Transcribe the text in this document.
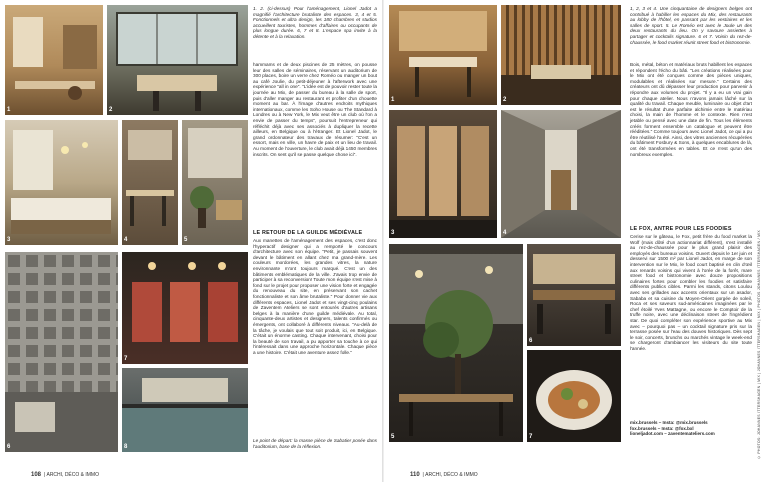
1	2
1. 2. (ci-dessus) Pour l'aménagement, Lionel Jadot a magnifié l'architecture brutaliste des espaces. 3, 4 et 5. Fonctionnels et ultra design, les 180 chambres et studios accueillent touristes, hommes d'affaires ou occupants de plus longue durée. 6, 7 et 8. L'espace spa invite à la détente et à la relaxation.
hammams et de deux piscines de 25 mètres, on pousse leur des salles de séminaires, réservant un auditorium de 300 places, boire un verre chez Roméo ou manger un bout au café Joulie, du petit-déjeuner à l'afterwork avec une expérience "all in one". "L'idée est de pouvoir rester toute la journée au Mix, de passer du bureau à la salle de sport, puis d'aller manger au restaurant et profiter d'un chouette moment au bar. À l'image d'autres endroits mythiques internationaux, comme les Soho House ou The Standard à Londres ou à New York, le Mix veut être un club où l'on a envie de passer du temps", poursuit l'entrepreneur qui réfléchit déjà avec ses associés à dupliquer la recette ailleurs, en Belgique ou à l'étranger. Et Lionel Jadot, le grand ordonnateur des travaux de résumer: "C'est un essort, mais en ville, un havre de paix et un lieu de travail. Au moment de l'ouverture, le club avait déjà 1450 membres inscrits. On sent qu'il se passe quelque chose ici".
3	4	5
6
7
8
LE RETOUR DE LA GUILDE MÉDIÉVALE
Aux manettes de l'aménagement des espaces, c'est donc l'hyperactif designer qui a remporté le concours d'architecture avec son équipe. "Petit, je passais souvent devant le bâtiment en allant chez ma grand-mère. Les couleurs mordorées, les grandes vitres, la nature environnante m'ont toujours marqué. C'est un des bâtiments emblématiques de la ville. J'avais trop envie de participer à sa reconversion! Toute mon équipe s'est mise à fond sur le projet pour proposer une vision forte et engagée du renouveau du site, en préservant son cachet fonctionnaliste et son âme brutaliste." Pour donner vie aux différents espaces, Lionel Jadot et ses vingt-cinq poulains de Zaventem Ateliers se sont entourés d'autres artisans belges à la manière d'une guilde médiévale. Au total, cinquante-deux artistes et designers, talents confirmés ou émergents, ont collaboré à différents niveaux. "Au-delà de la tâche, je voulais que tout soit produit, ici, en Belgique. C'était un énorme casting. Chaque intervenant, choisi pour la beauté de son travail, a pu apporter sa touche à ce qui l'intéressait dans une approche horizontale. Chaque pièce a une histoire. C'était une aventure assez folle."
Le point de départ: la masse pièce de Sabatier posée dans l'auditorium, base de la réflexion.
108  | ARCHI, DÉCO & IMMO
1	2
1, 2, 3 et 4. Une cinquantaine de designers belges ont contribué à habiller les espaces du Mix, des restaurants au lobby de l'hôtel, en passant par les vestiaires et les salles de sport. 5. Le Roméo est avec le Joule un des deux restaurants du lieu. On y savoure assiettes à partager et cocktails signature. 6 et 7. Voisin du rez-de-chaussée, le food market réunit street food et bistronomie.
3	4
Bois, métal, béton et matériaux bruts habillent les espaces et répondent l'écho du bâti. "Les créations réalisées pour le Mix ont été conçues comme des pièces uniques, modulables et réalisées sur mesure." Certains des créateurs ont dû dépasser leur production pour parvenir à répondre aux volumes du projet. "Il y a eu un vrai gain pour chaque atelier. Nous n'avons jamais lâché sur la qualité du travail. Chaque meuble, luminaire ou objet d'art est le résultat d'une parfaite alchimie entre le matériau choisi, la main de l'homme et le contexte. Rien n'est jetable ou pensé avec une date de fin. Tous les éléments créés forment ensemble un catalogue et peuvent être rééditées." Comme toujours avec Lionel Jadot, ce qui a pu être réutilisé l'a été. Ainsi, des vitres anciennes récupérées du bâtiment Fosbury & Sons, à quelques encablures de là, ont été transformées en tables. Et ce n'est qu'un des nombreux exemples.
5
6
7
LE FOX, ANTRE POUR LES FOODIES
Cerise sur le gâteau, le Fox, petit frère du food market la Wolf (mais dôté d'un actionnariat différent), s'est installé au rez-de-chaussée pour le plus grand plaisir des employés des bureaux voisins. Ouvert depuis le 1er juin et desservi sur 1500 m² par Lionel Jadot, en marge de son intervention sur le Mix, le food court baptisé en clin d'œil aux renards voisins qui vivent à l'orée de la forêt, mare street food et bistronomie avec douze propositions culinaires fortes pour combler les foodies et satisfaire différents publics cibles. Parmi les stands, citons Loulou avec ses grillades aux accents orientaux sur un asador, Sababa et sa cuisine du Moyen-Orient gorgée de soleil, Roca et ses saveurs sud-américaines imaginées par le chef étoilé Yves Mattagne, ou encore le Comptoir de la truffe noire, avec une déclinaison street de l'ingrédient star. De quoi compléter son expérience sportive au Mix avec – pourquoi pas – un cocktail signature pris sur la terrasse posée sur l'eau des douves historiques. Dès sept le soir, concerts, brunchs ou marchés vintage le week-end se chargeront d'ambiancer les visiteurs du site toute l'année.
mix.brussels – Insta: @mix.brussels
fox.brussels – Insta: @fox.bxl
lioneljadot.com – zaventemateliers.com	© PHOTOS: JOHANNES ITTERSHAGEN | MIX | JOHANNES ITTERSHAGEN | MIX | PHOTOS JOHANNES ITTERSHAGEN / MIX
110  | ARCHI, DÉCO & IMMO
